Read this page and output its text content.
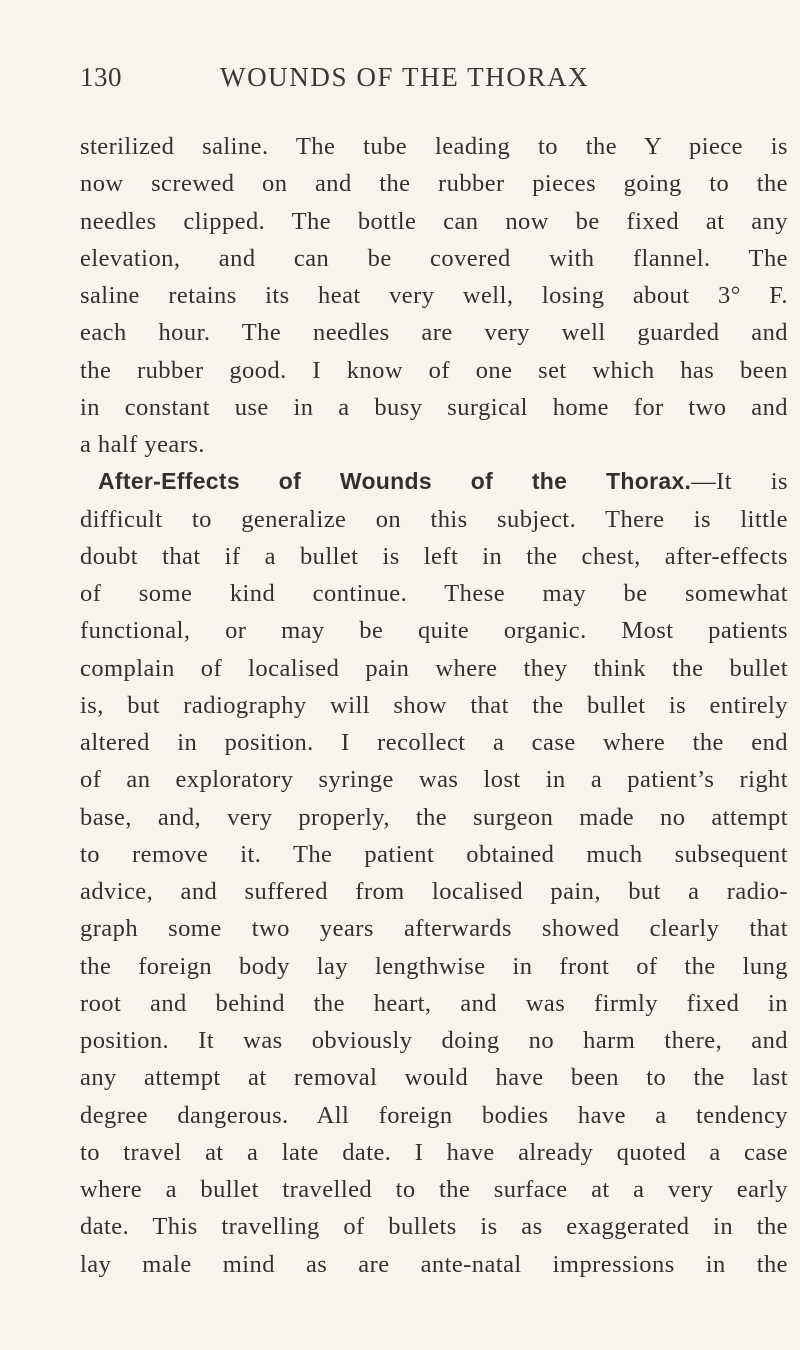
130	WOUNDS OF THE THORAX
sterilized saline. The tube leading to the Y piece is
now screwed on and the rubber pieces going to the
needles clipped. The bottle can now be fixed at any
elevation, and can be covered with flannel. The
saline retains its heat very well, losing about 3° F.
each hour. The needles are very well guarded and
the rubber good. I know of one set which has been
in constant use in a busy surgical home for two and
a half years.
After-Effects of Wounds of the Thorax.—It is
difficult to generalize on this subject. There is little
doubt that if a bullet is left in the chest, after-effects
of some kind continue. These may be somewhat
functional, or may be quite organic. Most patients
complain of localised pain where they think the bullet
is, but radiography will show that the bullet is entirely
altered in position. I recollect a case where the end
of an exploratory syringe was lost in a patient’s right
base, and, very properly, the surgeon made no attempt
to remove it. The patient obtained much subsequent
advice, and suffered from localised pain, but a radio-
graph some two years afterwards showed clearly that
the foreign body lay lengthwise in front of the lung
root and behind the heart, and was firmly fixed in
position. It was obviously doing no harm there, and
any attempt at removal would have been to the last
degree dangerous. All foreign bodies have a tendency
to travel at a late date. I have already quoted a case
where a bullet travelled to the surface at a very early
date. This travelling of bullets is as exaggerated in the
lay male mind as are ante-natal impressions in the
